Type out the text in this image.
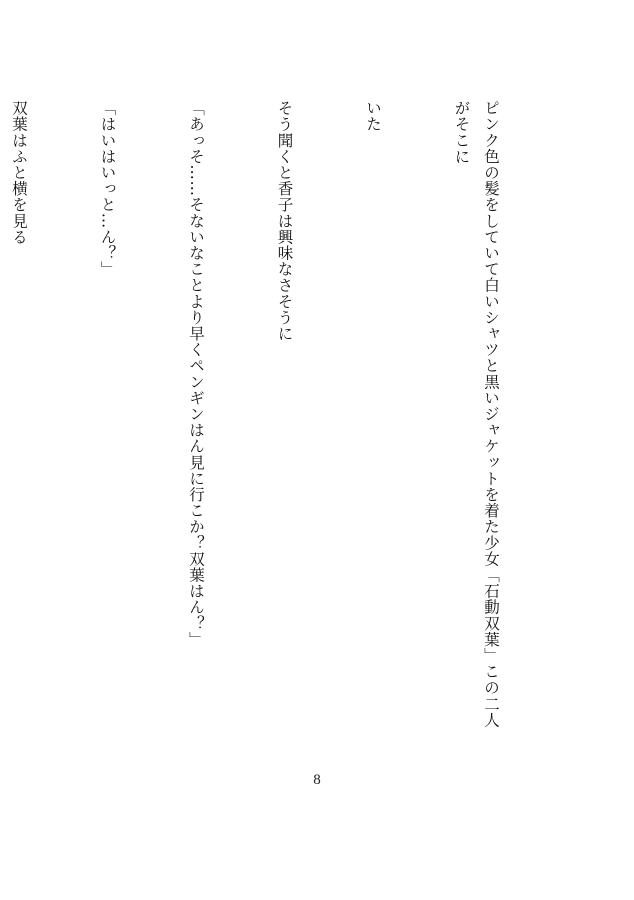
ピンク色の髪をしていて白いシャツと黒いジャケットを着た少女「石動双葉」この二人がそこに

いた

そう聞くと香子は興味なさそうに

「あっそ……そないなことより早くペンギンはん見に行こか？双葉はん？」

「はいはいっと…ん？」

双葉はふと横を見る

8
